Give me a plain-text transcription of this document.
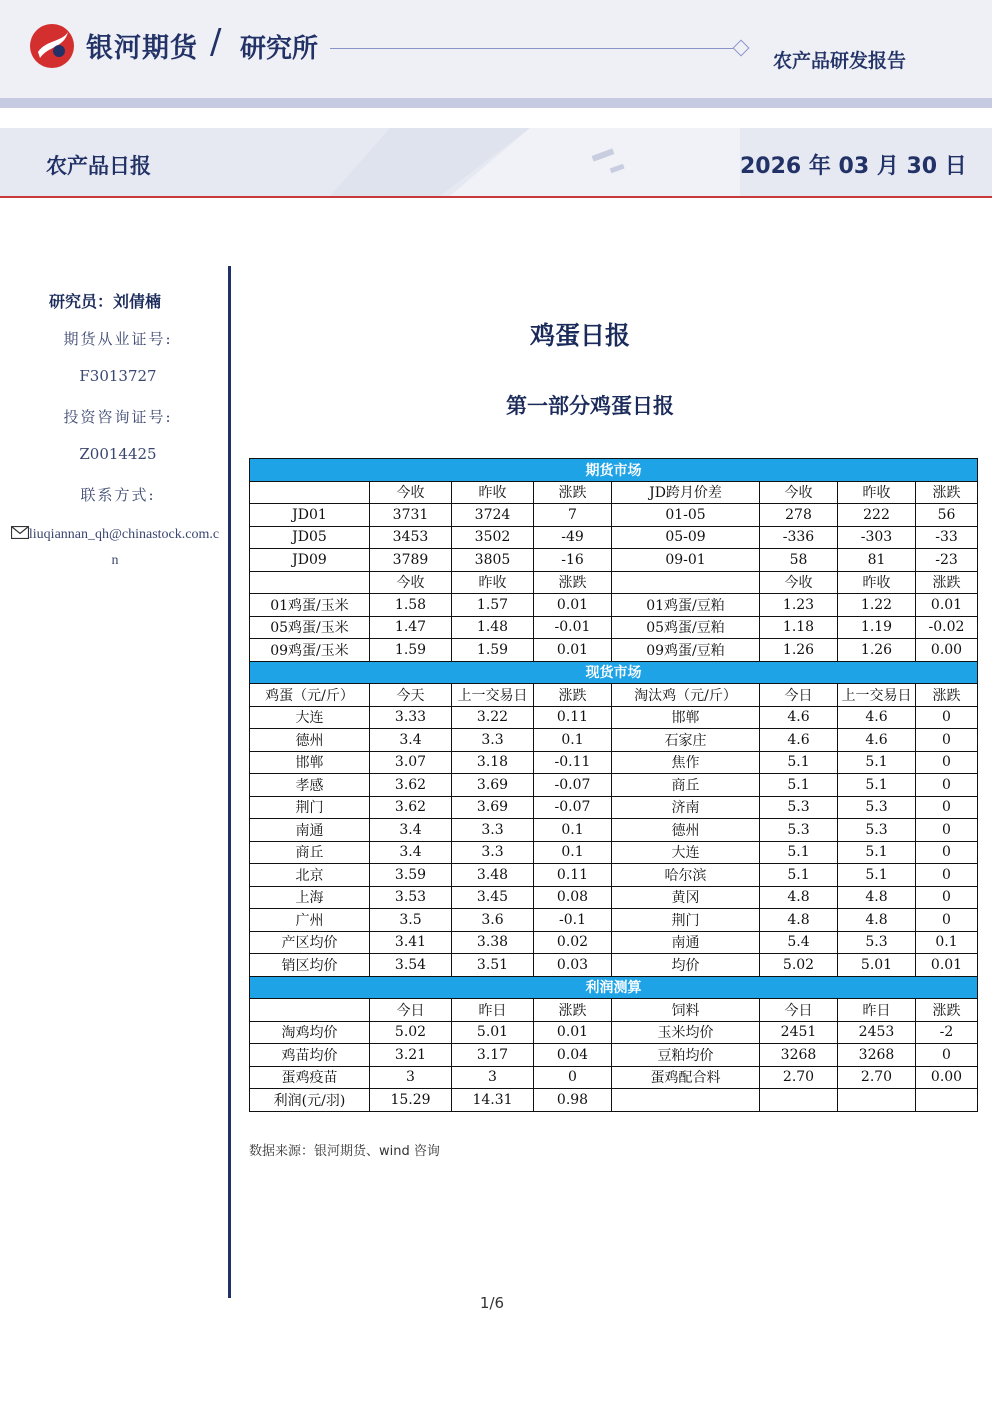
银河期货 / 研究所	农产品研发报告
农产品日报	2026 年 03 月 30 日
研究员：刘倩楠
期货从业证号:
F3013727
投资咨询证号:
Z0014425
联系方式:
liuqiannan_qh@chinastock.com.cn
鸡蛋日报
第一部分鸡蛋日报
期货市场							
	今收	昨收	涨跌	JD跨月价差	今收	昨收	涨跌
JD01	3731	3724	7	01-05	278	222	56
JD05	3453	3502	-49	05-09	-336	-303	-33
JD09	3789	3805	-16	09-01	58	81	-23
	今收	昨收	涨跌		今收	昨收	涨跌
01鸡蛋/玉米	1.58	1.57	0.01	01鸡蛋/豆粕	1.23	1.22	0.01
05鸡蛋/玉米	1.47	1.48	-0.01	05鸡蛋/豆粕	1.18	1.19	-0.02
09鸡蛋/玉米	1.59	1.59	0.01	09鸡蛋/豆粕	1.26	1.26	0.00
现货市场							
鸡蛋（元/斤）	今天	上一交易日	涨跌	淘汰鸡（元/斤）	今日	上一交易日	涨跌
大连	3.33	3.22	0.11	邯郸	4.6	4.6	0
德州	3.4	3.3	0.1	石家庄	4.6	4.6	0
邯郸	3.07	3.18	-0.11	焦作	5.1	5.1	0
孝感	3.62	3.69	-0.07	商丘	5.1	5.1	0
荆门	3.62	3.69	-0.07	济南	5.3	5.3	0
南通	3.4	3.3	0.1	德州	5.3	5.3	0
商丘	3.4	3.3	0.1	大连	5.1	5.1	0
北京	3.59	3.48	0.11	哈尔滨	5.1	5.1	0
上海	3.53	3.45	0.08	黄冈	4.8	4.8	0
广州	3.5	3.6	-0.1	荆门	4.8	4.8	0
产区均价	3.41	3.38	0.02	南通	5.4	5.3	0.1
销区均价	3.54	3.51	0.03	均价	5.02	5.01	0.01
利润测算							
	今日	昨日	涨跌	饲料	今日	昨日	涨跌
淘鸡均价	5.02	5.01	0.01	玉米均价	2451	2453	-2
鸡苗均价	3.21	3.17	0.04	豆粕均价	3268	3268	0
蛋鸡疫苗	3	3	0	蛋鸡配合料	2.70	2.70	0.00
利润(元/羽)	15.29	14.31	0.98				
数据来源：银河期货、wind 咨询
1/6
